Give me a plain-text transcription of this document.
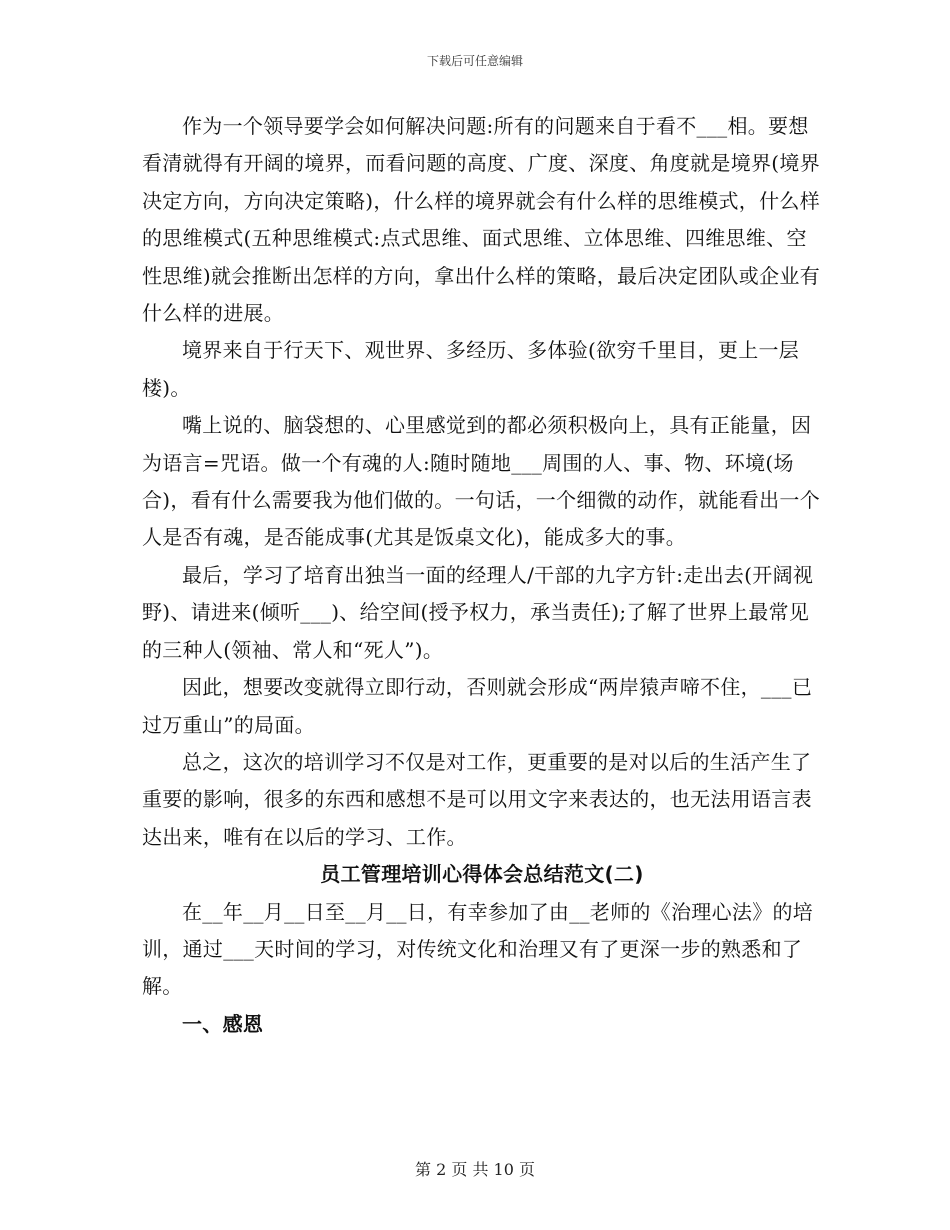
下载后可任意编辑

作为一个领导要学会如何解决问题:所有的问题来自于看不___相。要想看清就得有开阔的境界，而看问题的高度、广度、深度、角度就是境界(境界决定方向，方向决定策略)，什么样的境界就会有什么样的思维模式，什么样的思维模式(五种思维模式:点式思维、面式思维、立体思维、四维思维、空性思维)就会推断出怎样的方向，拿出什么样的策略，最后决定团队或企业有什么样的进展。

境界来自于行天下、观世界、多经历、多体验(欲穷千里目，更上一层楼)。

嘴上说的、脑袋想的、心里感觉到的都必须积极向上，具有正能量，因为语言=咒语。做一个有魂的人:随时随地___周围的人、事、物、环境(场合)，看有什么需要我为他们做的。一句话，一个细微的动作，就能看出一个人是否有魂，是否能成事(尤其是饭桌文化)，能成多大的事。

最后，学习了培育出独当一面的经理人/干部的九字方针:走出去(开阔视野)、请进来(倾听___)、给空间(授予权力，承当责任);了解了世界上最常见的三种人(领袖、常人和“死人”)。

因此，想要改变就得立即行动，否则就会形成“两岸猿声啼不住，___已过万重山”的局面。

总之，这次的培训学习不仅是对工作，更重要的是对以后的生活产生了重要的影响，很多的东西和感想不是可以用文字来表达的，也无法用语言表达出来，唯有在以后的学习、工作。

员工管理培训心得体会总结范文(二)

在__年__月__日至__月__日，有幸参加了由__老师的《治理心法》的培训，通过___天时间的学习，对传统文化和治理又有了更深一步的熟悉和了解。

一、感恩

第 2 页 共 10 页
